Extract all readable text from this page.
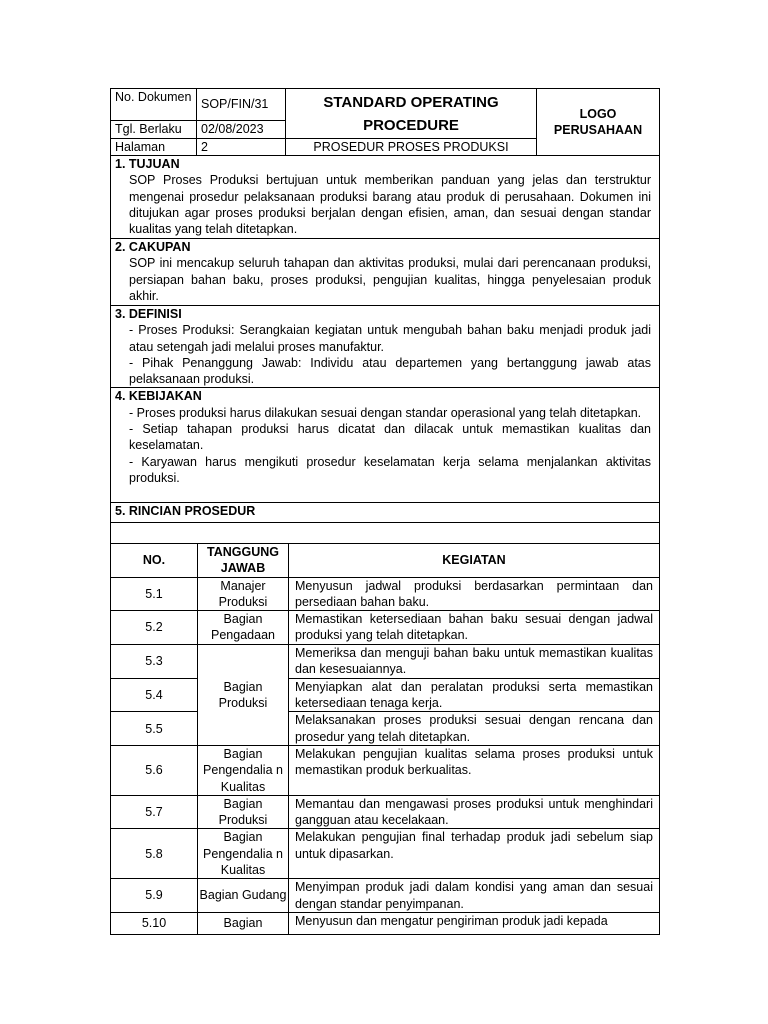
No. Dokumen	SOP/FIN/31	STANDARD OPERATING PROCEDURE	LOGO PERUSAHAAN
Tgl. Berlaku	02/08/2023		
Halaman	2	PROSEDUR PROSES PRODUKSI	
1. TUJUAN
SOP Proses Produksi bertujuan untuk memberikan panduan yang jelas dan terstruktur mengenai prosedur pelaksanaan produksi barang atau produk di perusahaan. Dokumen ini ditujukan agar proses produksi berjalan dengan efisien, aman, dan sesuai dengan standar kualitas yang telah ditetapkan.

2. CAKUPAN
SOP ini mencakup seluruh tahapan dan aktivitas produksi, mulai dari perencanaan produksi, persiapan bahan baku, proses produksi, pengujian kualitas, hingga penyelesaian produk akhir.

3. DEFINISI
- Proses Produksi: Serangkaian kegiatan untuk mengubah bahan baku menjadi produk jadi atau setengah jadi melalui proses manufaktur.
- Pihak Penanggung Jawab: Individu atau departemen yang bertanggung jawab atas pelaksanaan produksi.

4. KEBIJAKAN
- Proses produksi harus dilakukan sesuai dengan standar operasional yang telah ditetapkan.
- Setiap tahapan produksi harus dicatat dan dilacak untuk memastikan kualitas dan keselamatan.
- Karyawan harus mengikuti prosedur keselamatan kerja selama menjalankan aktivitas produksi.

5. RINCIAN PROSEDUR

NO.	TANGGUNG JAWAB	KEGIATAN
5.1	Manajer Produksi	Menyusun jadwal produksi berdasarkan permintaan dan persediaan bahan baku.
5.2	Bagian Pengadaan	Memastikan ketersediaan bahan baku sesuai dengan jadwal produksi yang telah ditetapkan.
5.3	Bagian Produksi	Memeriksa dan menguji bahan baku untuk memastikan kualitas dan kesesuaiannya.
5.4		Menyiapkan alat dan peralatan produksi serta memastikan ketersediaan tenaga kerja.
5.5		Melaksanakan proses produksi sesuai dengan rencana dan prosedur yang telah ditetapkan.
5.6	Bagian Pengendalia n Kualitas	Melakukan pengujian kualitas selama proses produksi untuk memastikan produk berkualitas.
5.7	Bagian Produksi	Memantau dan mengawasi proses produksi untuk menghindari gangguan atau kecelakaan.
5.8	Bagian Pengendalia n Kualitas	Melakukan pengujian final terhadap produk jadi sebelum siap untuk dipasarkan.
5.9	Bagian Gudang	Menyimpan produk jadi dalam kondisi yang aman dan sesuai dengan standar penyimpanan.
5.10	Bagian	Menyusun dan mengatur pengiriman produk jadi kepada
